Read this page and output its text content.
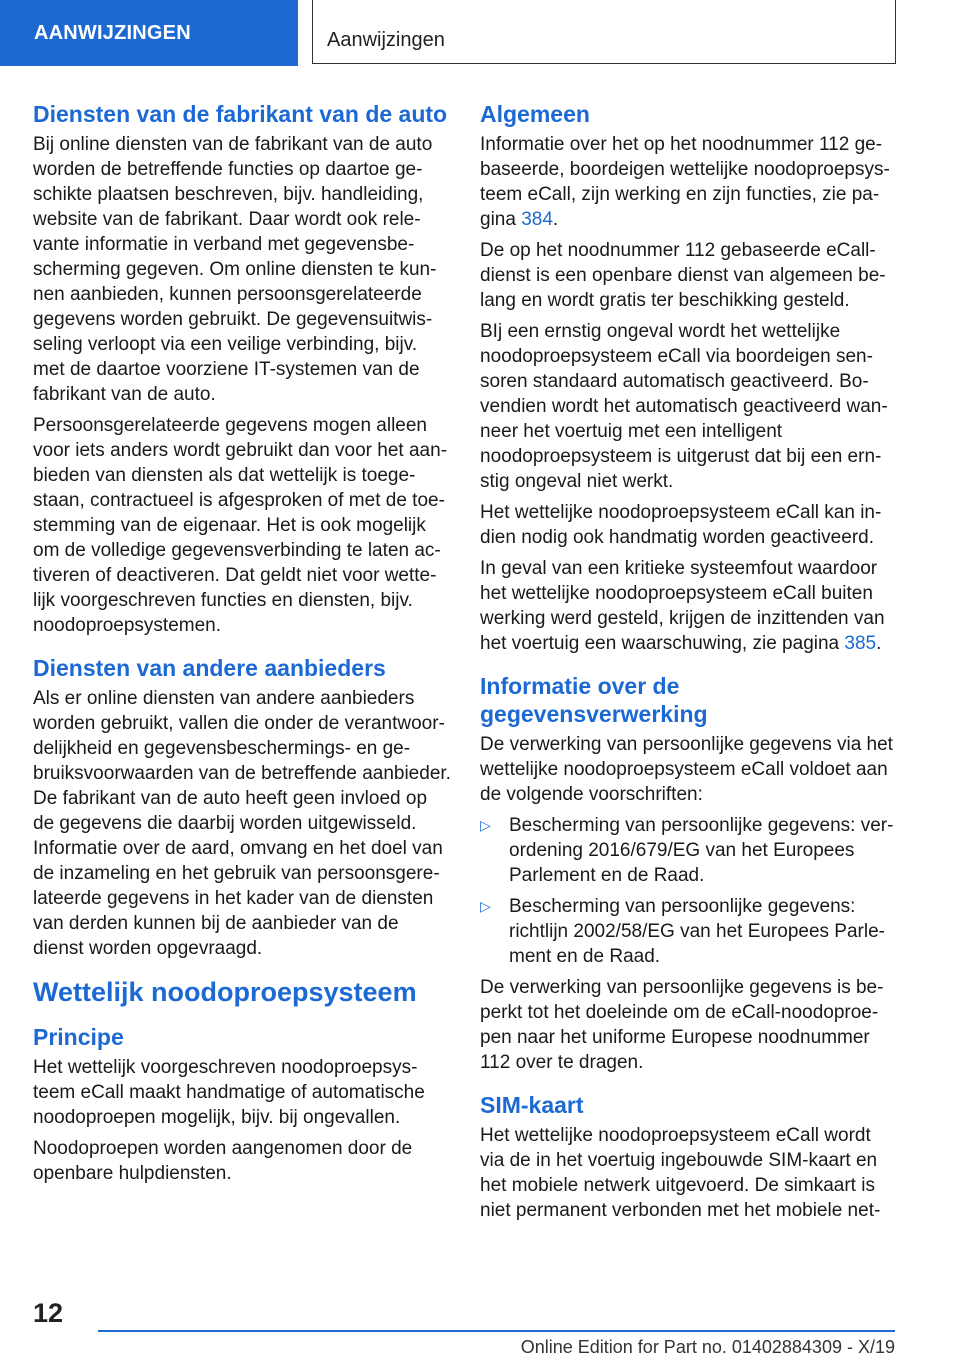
AANWIJZINGEN	Aanwijzingen
Diensten van de fabrikant van de auto

Bij online diensten van de fabrikant van de auto worden de betreffende functies op daartoe geschikte plaatsen beschreven, bijv. handleiding, website van de fabrikant. Daar wordt ook relevante informatie in verband met gegevensbescherming gegeven. Om online diensten te kunnen aanbieden, kunnen persoonsgerelateerde gegevens worden gebruikt. De gegevensuitwisseling verloopt via een veilige verbinding, bijv. met de daartoe voorziene IT-systemen van de fabrikant van de auto.

Persoonsgerelateerde gegevens mogen alleen voor iets anders wordt gebruikt dan voor het aanbieden van diensten als dat wettelijk is toegestaan, contractueel is afgesproken of met de toestemming van de eigenaar. Het is ook mogelijk om de volledige gegevensverbinding te laten activeren of deactiveren. Dat geldt niet voor wettelijk voorgeschreven functies en diensten, bijv. noodoproepsystemen.

Diensten van andere aanbieders

Als er online diensten van andere aanbieders worden gebruikt, vallen die onder de verantwoordelijkheid en gegevensbeschermings- en gebruiksvoorwaarden van de betreffende aanbieder. De fabrikant van de auto heeft geen invloed op de gegevens die daarbij worden uitgewisseld. Informatie over de aard, omvang en het doel van de inzameling en het gebruik van persoonsgerelateerde gegevens in het kader van de diensten van derden kunnen bij de aanbieder van de dienst worden opgevraagd.

Wettelijk noodoproepsysteem
Principe

Het wettelijk voorgeschreven noodoproepsysteem eCall maakt handmatige of automatische noodoproepen mogelijk, bijv. bij ongevallen.

Noodoproepen worden aangenomen door de openbare hulpdiensten.

Algemeen

Informatie over het op het noodnummer 112 gebaseerde, boordeigen wettelijke noodoproepsysteem eCall, zijn werking en zijn functies, zie pagina 384.

De op het noodnummer 112 gebaseerde eCall-dienst is een openbare dienst van algemeen belang en wordt gratis ter beschikking gesteld.

BIj een ernstig ongeval wordt het wettelijke noodoproepsysteem eCall via boordeigen sensoren standaard automatisch geactiveerd. Bovendien wordt het automatisch geactiveerd wanneer het voertuig met een intelligent noodoproepsysteem is uitgerust dat bij een ernstig ongeval niet werkt.

Het wettelijke noodoproepsysteem eCall kan indien nodig ook handmatig worden geactiveerd.

In geval van een kritieke systeemfout waardoor het wettelijke noodoproepsysteem eCall buiten werking werd gesteld, krijgen de inzittenden van het voertuig een waarschuwing, zie pagina 385.

Informatie over de gegevensverwerking

De verwerking van persoonlijke gegevens via het wettelijke noodoproepsysteem eCall voldoet aan de volgende voorschriften:

▷ Bescherming van persoonlijke gegevens: verordening 2016/679/EG van het Europees Parlement en de Raad.
▷ Bescherming van persoonlijke gegevens: richtlijn 2002/58/EG van het Europees Parlement en de Raad.

De verwerking van persoonlijke gegevens is beperkt tot het doeleinde om de eCall-noodoproepen naar het uniforme Europese noodnummer 112 over te dragen.

SIM-kaart

Het wettelijke noodoproepsysteem eCall wordt via de in het voertuig ingebouwde SIM-kaart en het mobiele netwerk uitgevoerd. De simkaart is niet permanent verbonden met het mobiele net-

12
Online Edition for Part no. 01402884309 - X/19
